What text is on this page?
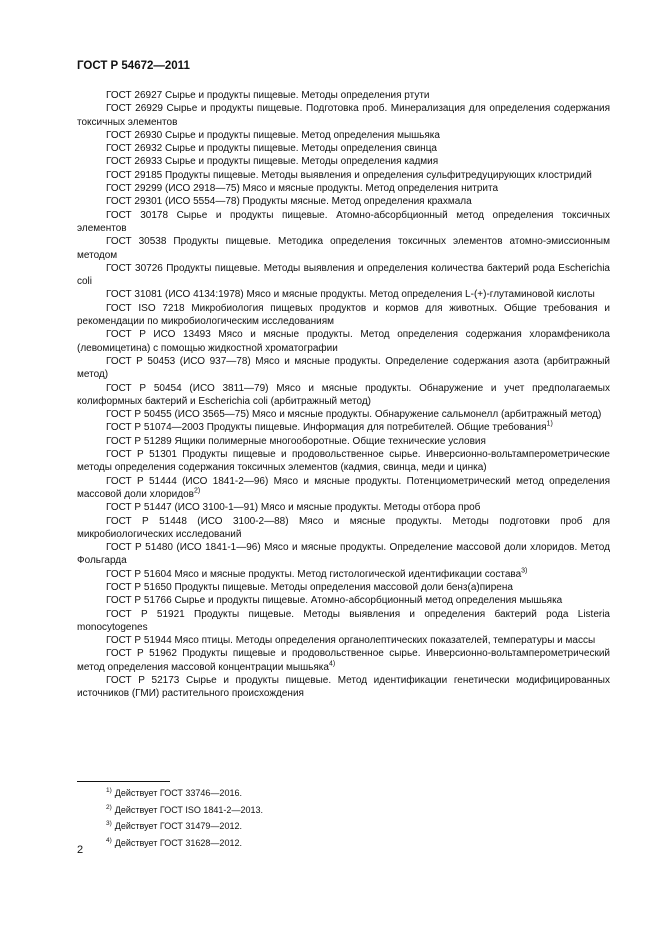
ГОСТ Р 54672—2011

ГОСТ 26927 Сырье и продукты пищевые. Методы определения ртути

ГОСТ 26929 Сырье и продукты пищевые. Подготовка проб. Минерализация для определения содержания токсичных элементов

ГОСТ 26930 Сырье и продукты пищевые. Метод определения мышьяка

ГОСТ 26932 Сырье и продукты пищевые. Методы определения свинца

ГОСТ 26933 Сырье и продукты пищевые. Методы определения кадмия

ГОСТ 29185 Продукты пищевые. Методы выявления и определения сульфитредуцирующих клостридий

ГОСТ 29299 (ИСО 2918—75) Мясо и мясные продукты. Метод определения нитрита

ГОСТ 29301 (ИСО 5554—78) Продукты мясные. Метод определения крахмала

ГОСТ 30178 Сырье и продукты пищевые. Атомно-абсорбционный метод определения токсичных элементов

ГОСТ 30538 Продукты пищевые. Методика определения токсичных элементов атомно-эмиссионным методом

ГОСТ 30726 Продукты пищевые. Методы выявления и определения количества бактерий рода Escherichia coli

ГОСТ 31081 (ИСО 4134:1978) Мясо и мясные продукты. Метод определения L-(+)-глутаминовой кислоты

ГОСТ ISO 7218 Микробиология пищевых продуктов и кормов для животных. Общие требования и рекомендации по микробиологическим исследованиям

ГОСТ Р ИСО 13493 Мясо и мясные продукты. Метод определения содержания хлорамфеникола (левомицетина) с помощью жидкостной хроматографии

ГОСТ Р 50453 (ИСО 937—78) Мясо и мясные продукты. Определение содержания азота (арбитражный метод)

ГОСТ Р 50454 (ИСО 3811—79) Мясо и мясные продукты. Обнаружение и учет предполагаемых колиформных бактерий и Escherichia coli (арбитражный метод)

ГОСТ Р 50455 (ИСО 3565—75) Мясо и мясные продукты. Обнаружение сальмонелл (арбитражный метод)

ГОСТ Р 51074—2003 Продукты пищевые. Информация для потребителей. Общие требования$^{1)}$

ГОСТ Р 51289 Ящики полимерные многооборотные. Общие технические условия

ГОСТ Р 51301 Продукты пищевые и продовольственное сырье. Инверсионно-вольтамперометрические методы определения содержания токсичных элементов (кадмия, свинца, меди и цинка)

ГОСТ Р 51444 (ИСО 1841-2—96) Мясо и мясные продукты. Потенциометрический метод определения массовой доли хлоридов$^{2)}$

ГОСТ Р 51447 (ИСО 3100-1—91) Мясо и мясные продукты. Методы отбора проб

ГОСТ Р 51448 (ИСО 3100-2—88) Мясо и мясные продукты. Методы подготовки проб для микробиологических исследований

ГОСТ Р 51480 (ИСО 1841-1—96) Мясо и мясные продукты. Определение массовой доли хлоридов. Метод Фольгарда

ГОСТ Р 51604 Мясо и мясные продукты. Метод гистологической идентификации состава$^{3)}$

ГОСТ Р 51650 Продукты пищевые. Методы определения массовой доли бенз(а)пирена

ГОСТ Р 51766 Сырье и продукты пищевые. Атомно-абсорбционный метод определения мышьяка

ГОСТ Р 51921 Продукты пищевые. Методы выявления и определения бактерий рода Listeria monocytogenes

ГОСТ Р 51944 Мясо птицы. Методы определения органолептических показателей, температуры и массы

ГОСТ Р 51962 Продукты пищевые и продовольственное сырье. Инверсионно-вольтамперометрический метод определения массовой концентрации мышьяка$^{4)}$

ГОСТ Р 52173 Сырье и продукты пищевые. Метод идентификации генетически модифицированных источников (ГМИ) растительного происхождения

$^{1)}$ Действует ГОСТ 33746—2016.
$^{2)}$ Действует ГОСТ ISO 1841-2—2013.
$^{3)}$ Действует ГОСТ 31479—2012.
$^{4)}$ Действует ГОСТ 31628—2012.
2
